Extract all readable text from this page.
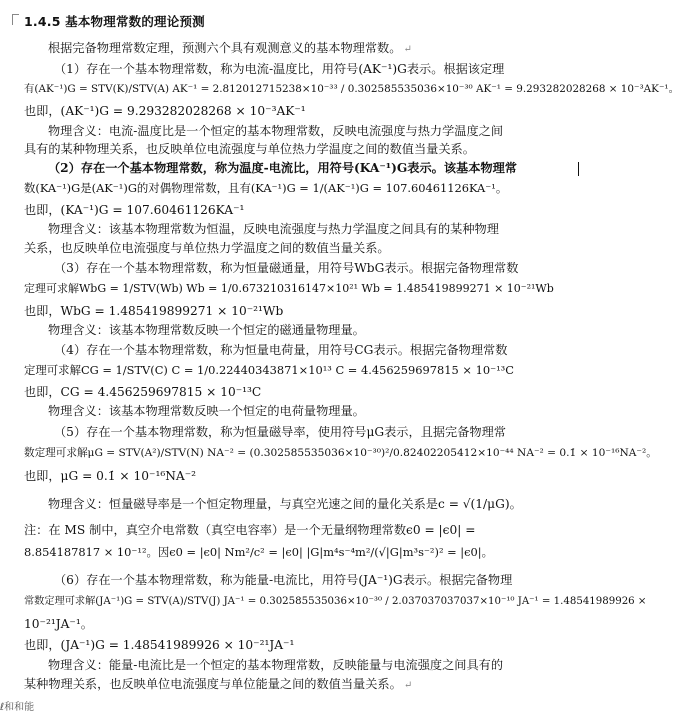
1.4.5 基本物理常数的理论预测
根据完备物理常数定理，预测六个具有观测意义的基本物理常数。 ↵
（1）存在一个基本物理常数，称为电流-温度比，用符号(AK⁻¹)G表示。根据该定理
有(AK⁻¹)G = STV(K)/STV(A) AK⁻¹ = 2.812012715238×10⁻³³ / 0.302585535036×10⁻³⁰ AK⁻¹ = 9.293282028268 × 10⁻³AK⁻¹。
也即，(AK⁻¹)G = 9.293282028268 × 10⁻³AK⁻¹
物理含义：电流-温度比是一个恒定的基本物理常数，反映电流强度与热力学温度之间
具有的某种物理关系，也反映单位电流强度与单位热力学温度之间的数值当量关系。
（2）存在一个基本物理常数，称为温度-电流比，用符号(KA⁻¹)G表示。该基本物理常
数(KA⁻¹)G是(AK⁻¹)G的对偶物理常数，且有(KA⁻¹)G = 1/(AK⁻¹)G = 107.60461126KA⁻¹。
也即，(KA⁻¹)G = 107.60461126KA⁻¹
物理含义：该基本物理常数为恒温，反映电流强度与热力学温度之间具有的某种物理
关系，也反映单位电流强度与单位热力学温度之间的数值当量关系。
（3）存在一个基本物理常数，称为恒量磁通量，用符号WbG表示。根据完备物理常数
定理可求解WbG = 1/STV(Wb) Wb = 1/0.673210316147×10²¹ Wb = 1.485419899271 × 10⁻²¹Wb
也即，WbG = 1.485419899271 × 10⁻²¹Wb
物理含义：该基本物理常数反映一个恒定的磁通量物理量。
（4）存在一个基本物理常数，称为恒量电荷量，用符号CG表示。根据完备物理常数
定理可求解CG = 1/STV(C) C = 1/0.22440343871×10¹³ C = 4.456259697815 × 10⁻¹³C
也即，CG = 4.456259697815 × 10⁻¹³C
物理含义：该基本物理常数反映一个恒定的电荷量物理量。
（5）存在一个基本物理常数，称为恒量磁导率，使用符号μG表示，且据完备物理常
数定理可求解μG = STV(A²)/STV(N) NA⁻² = (0.302585535036×10⁻³⁰)²/0.82402205412×10⁻⁴⁴ NA⁻² = 0.1̇ × 10⁻¹⁶NA⁻²。
也即，μG = 0.1̇ × 10⁻¹⁶NA⁻²
物理含义：恒量磁导率是一个恒定物理量，与真空光速之间的量化关系是c = √(1/μG)。
注：在 MS 制中，真空介电常数（真空电容率）是一个无量纲物理常数ϵ0 = |ϵ0| =
8.854187817 × 10⁻¹²。因ϵ0 = |ϵ0| Nm²/c² = |ϵ0| |G|m⁴s⁻⁴m²/(√|G|m³s⁻²)² = |ϵ0|。
（6）存在一个基本物理常数，称为能量-电流比，用符号(JA⁻¹)G表示。根据完备物理
常数定理可求解(JA⁻¹)G = STV(A)/STV(J) JA⁻¹ = 0.302585535036×10⁻³⁰ / 2.037037037037×10⁻¹⁰ JA⁻¹ = 1.48541989926 ×
10⁻²¹JA⁻¹。
也即，(JA⁻¹)G = 1.48541989926 × 10⁻²¹JA⁻¹
物理含义：能量-电流比是一个恒定的基本物理常数，反映能量与电流强度之间具有的
某种物理关系，也反映单位电流强度与单位能量之间的数值当量关系。 ↵
ℓ和和能
